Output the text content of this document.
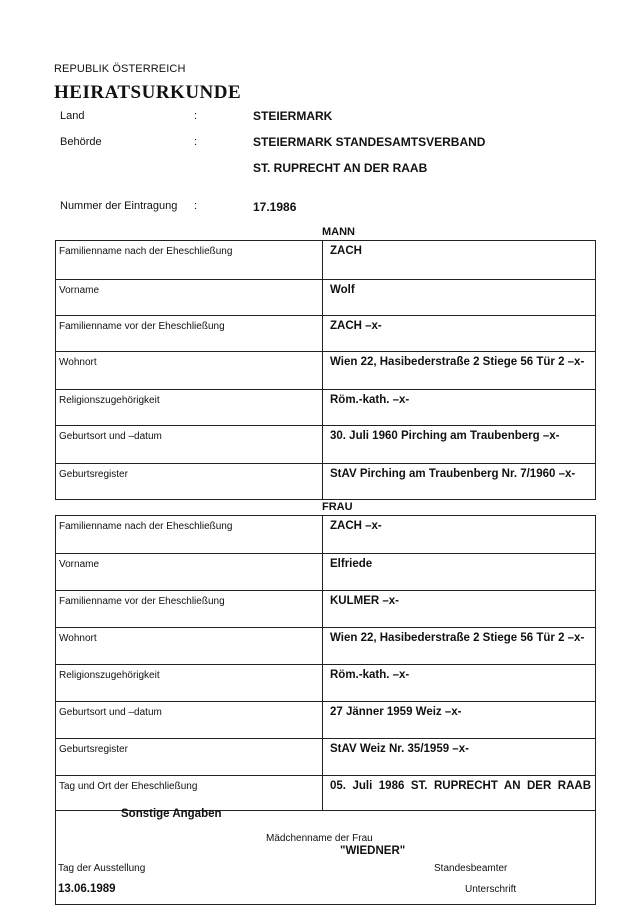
REPUBLIK ÖSTERREICH
HEIRATSURKUNDE
Land	:	STEIERMARK
Behörde	:	STEIERMARK STANDESAMTSVERBAND
ST. RUPRECHT AN DER RAAB
Nummer der Eintragung :	17.1986
MANN
Familienname nach der Eheschließung	ZACH
Vorname	Wolf
Familienname vor der Eheschließung	ZACH –x-
Wohnort	Wien 22, Hasibederstraße 2 Stiege 56 Tür 2 –x-
Religionszugehörigkeit	Röm.-kath. –x-
Geburtsort und –datum	30. Juli 1960 Pirching am Traubenberg –x-
Geburtsregister	StAV Pirching am Traubenberg Nr. 7/1960 –x-
FRAU
Familienname nach der Eheschließung	ZACH –x-
Vorname	Elfriede
Familienname vor der Eheschließung	KULMER –x-
Wohnort	Wien 22, Hasibederstraße 2 Stiege 56 Tür 2 –x-
Religionszugehörigkeit	Röm.-kath. –x-
Geburtsort und –datum	27 Jänner 1959 Weiz –x-
Geburtsregister	StAV Weiz Nr. 35/1959 –x-
Tag und Ort der Eheschließung	05. Juli 1986 ST. RUPRECHT AN DER RAAB
Sonstige Angaben
Mädchenname der Frau
"WIEDNER"
Tag der Ausstellung
13.06.1989
Standesbeamter
Unterschrift
